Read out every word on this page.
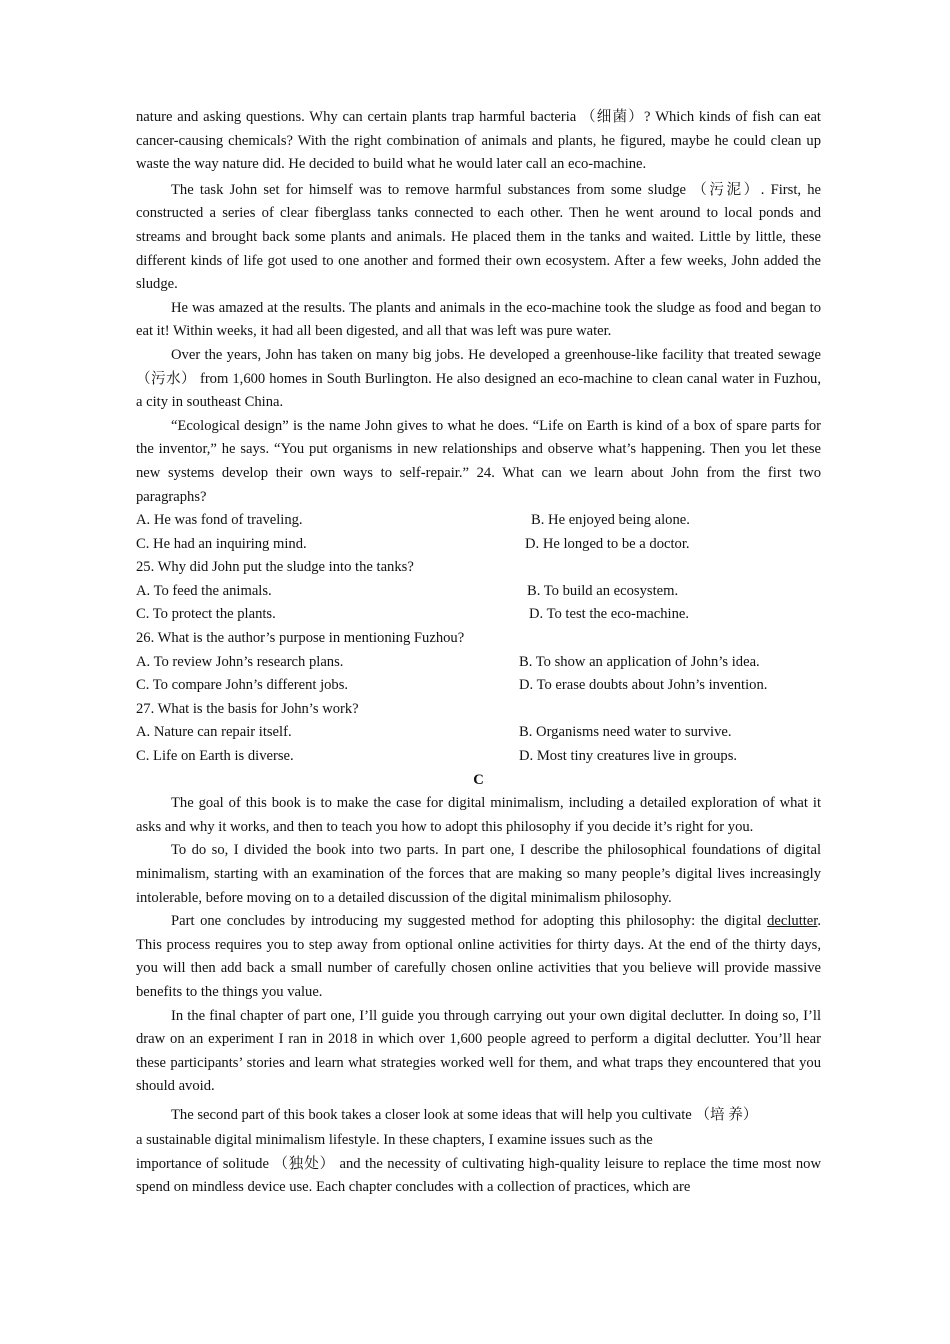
nature and asking questions. Why can certain plants trap harmful bacteria （细菌）? Which kinds of fish can eat cancer-causing chemicals? With the right combination of animals and plants, he figured, maybe he could clean up waste the way nature did. He decided to build what he would later call an eco-machine.

The task John set for himself was to remove harmful substances from some sludge （污泥）. First, he constructed a series of clear fiberglass tanks connected to each other. Then he went around to local ponds and streams and brought back some plants and animals. He placed them in the tanks and waited. Little by little, these different kinds of life got used to one another and formed their own ecosystem. After a few weeks, John added the sludge.

He was amazed at the results. The plants and animals in the eco-machine took the sludge as food and began to eat it! Within weeks, it had all been digested, and all that was left was pure water.

Over the years, John has taken on many big jobs. He developed a greenhouse-like facility that treated sewage （污水） from 1,600 homes in South Burlington. He also designed an eco-machine to clean canal water in Fuzhou, a city in southeast China.

“Ecological design” is the name John gives to what he does. “Life on Earth is kind of a box of spare parts for the inventor,” he says. “You put organisms in new relationships and observe what’s happening. Then you let these new systems develop their own ways to self-repair.” 24. What can we learn about John from the first two paragraphs?

A. He was fond of traveling.	B. He enjoyed being alone.
C. He had an inquiring mind.	D. He longed to be a doctor.

25. Why did John put the sludge into the tanks?

A. To feed the animals.	B. To build an ecosystem.
C. To protect the plants.	D. To test the eco-machine.

26. What is the author’s purpose in mentioning Fuzhou?

A. To review John’s research plans.	B. To show an application of John’s idea.
C. To compare John’s different jobs.	D. To erase doubts about John’s invention.

27. What is the basis for John’s work?

A. Nature can repair itself.	B. Organisms need water to survive.
C. Life on Earth is diverse.	D. Most tiny creatures live in groups.

C

The goal of this book is to make the case for digital minimalism, including a detailed exploration of what it asks and why it works, and then to teach you how to adopt this philosophy if you decide it’s right for you.

To do so, I divided the book into two parts. In part one, I describe the philosophical foundations of digital minimalism, starting with an examination of the forces that are making so many people’s digital lives increasingly intolerable, before moving on to a detailed discussion of the digital minimalism philosophy.

Part one concludes by introducing my suggested method for adopting this philosophy: the digital declutter. This process requires you to step away from optional online activities for thirty days. At the end of the thirty days, you will then add back a small number of carefully chosen online activities that you believe will provide massive benefits to the things you value.

In the final chapter of part one, I’ll guide you through carrying out your own digital declutter. In doing so, I’ll draw on an experiment I ran in 2018 in which over 1,600 people agreed to perform a digital declutter. You’ll hear these participants’ stories and learn what strategies worked well for them, and what traps they encountered that you should avoid.

The second part of this book takes a closer look at some ideas that will help you cultivate （培 养）

a sustainable digital minimalism lifestyle. In these chapters, I examine issues such as the

importance of solitude （独处） and the necessity of cultivating high-quality leisure to replace the time most now spend on mindless device use. Each chapter concludes with a collection of practices, which are
